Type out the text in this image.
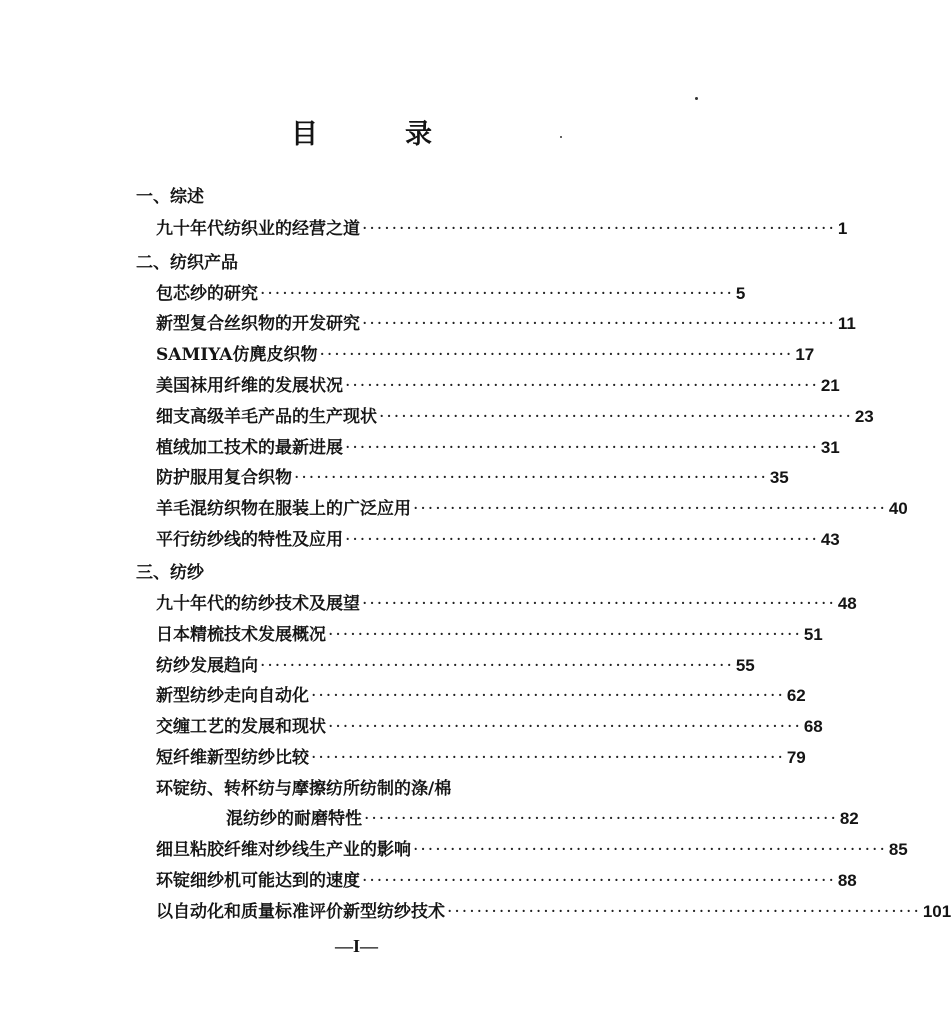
目	录
一、综述
九十年代纺织业的经营之道 ································································ 1
二、纺织产品
包芯纱的研究 ································································ 5
新型复合丝织物的开发研究 ································································ 11
SAMIYA仿麂皮织物 ································································ 17
美国袜用纤维的发展状况 ································································ 21
细支高级羊毛产品的生产现状 ································································ 23
植绒加工技术的最新进展 ································································ 31
防护服用复合织物 ································································ 35
羊毛混纺织物在服装上的广泛应用 ································································ 40
平行纺纱线的特性及应用 ································································ 43
三、纺纱
九十年代的纺纱技术及展望 ································································ 48
日本精梳技术发展概况 ································································ 51
纺纱发展趋向 ································································ 55
新型纺纱走向自动化 ································································ 62
交缠工艺的发展和现状 ································································ 68
短纤维新型纺纱比较 ································································ 79
环锭纺、转杯纺与摩擦纺所纺制的涤/棉
混纺纱的耐磨特性 ································································ 82
细旦粘胶纤维对纱线生产业的影响 ································································ 85
环锭细纱机可能达到的速度 ································································ 88
以自动化和质量标准评价新型纺纱技术 ································································ 101
—I—
